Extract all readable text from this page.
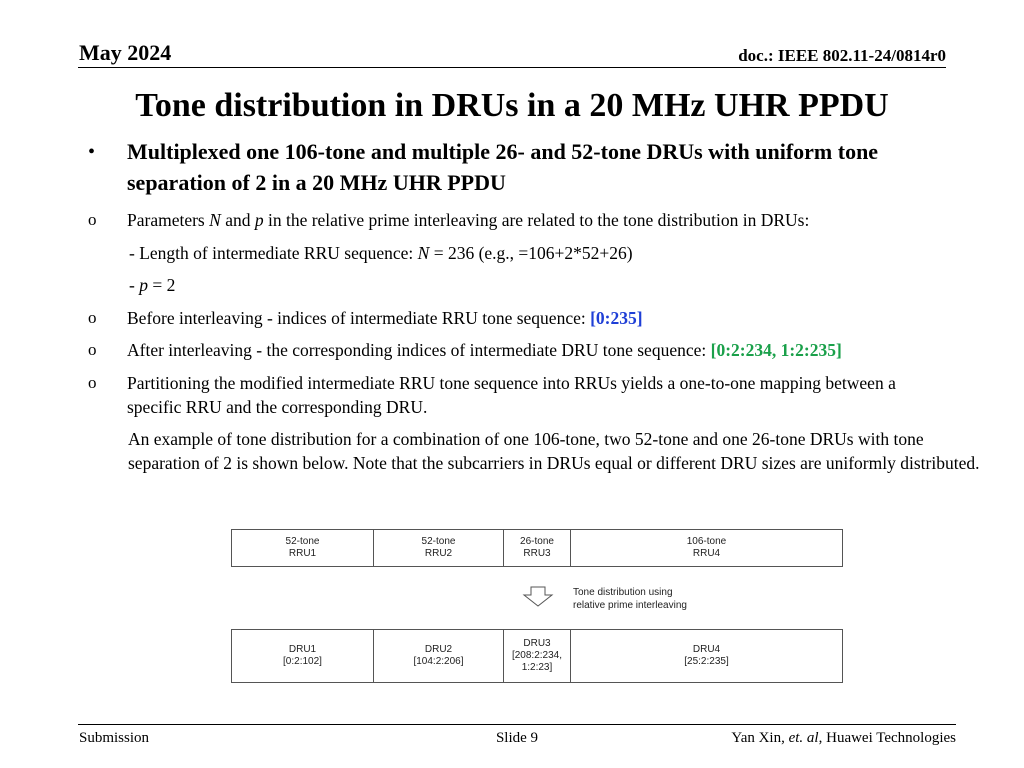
May 2024	doc.: IEEE 802.11-24/0814r0
Tone distribution in DRUs in a 20 MHz UHR PPDU
• Multiplexed one 106-tone and multiple 26- and 52-tone DRUs with uniform tone separation of 2 in a 20 MHz UHR PPDU
o Parameters N and p in the relative prime interleaving are related to the tone distribution in DRUs:
- Length of intermediate RRU sequence: N = 236 (e.g., =106+2*52+26)
- p = 2
o Before interleaving - indices of intermediate RRU tone sequence: [0:235]
o After interleaving - the corresponding indices of intermediate DRU tone sequence: [0:2:234, 1:2:235]
o Partitioning the modified intermediate RRU tone sequence into RRUs yields a one-to-one mapping between a specific RRU and the corresponding DRU.
An example of tone distribution for a combination of one 106-tone, two 52-tone and one 26-tone DRUs with tone separation of 2 is shown below. Note that the subcarriers in DRUs equal or different DRU sizes are uniformly distributed.
52-tone
RRU1
52-tone
RRU2
26-tone
RRU3
106-tone
RRU4
Tone distribution using
relative prime interleaving
DRU1
[0:2:102]
DRU2
[104:2:206]
DRU3
[208:2:234,
1:2:23]
DRU4
[25:2:235]
Submission	Slide 9	Yan Xin, et. al, Huawei Technologies
